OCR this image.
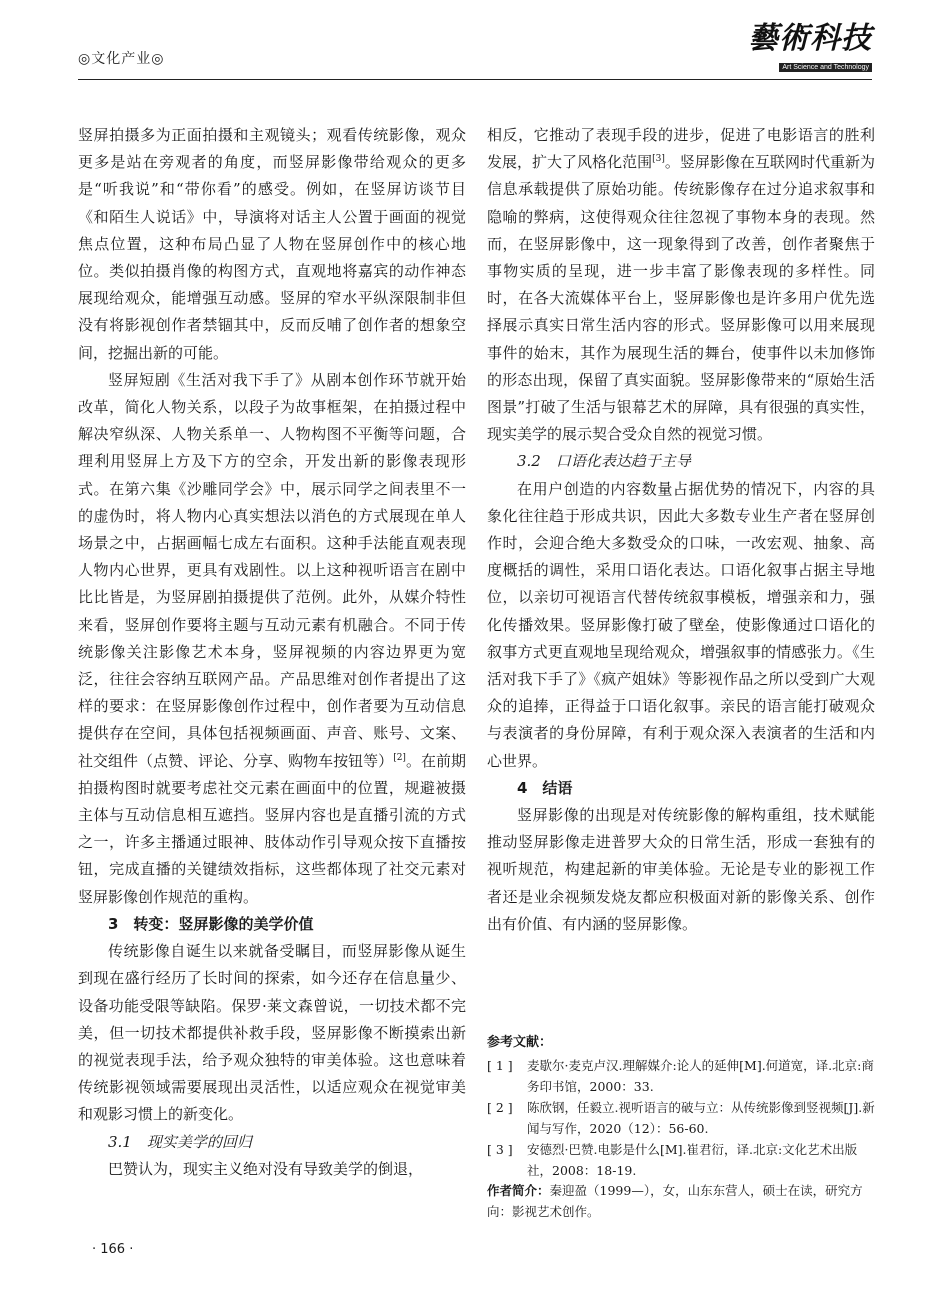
◎文化产业◎
藝術科技
Art Science and Technology

竖屏拍摄多为正面拍摄和主观镜头；观看传统影像，观众更多是站在旁观者的角度，而竖屏影像带给观众的更多是“听我说”和“带你看”的感受。例如，在竖屏访谈节目《和陌生人说话》中，导演将对话主人公置于画面的视觉焦点位置，这种布局凸显了人物在竖屏创作中的核心地位。类似拍摄肖像的构图方式，直观地将嘉宾的动作神态展现给观众，能增强互动感。竖屏的窄水平纵深限制非但没有将影视创作者禁锢其中，反而反哺了创作者的想象空间，挖掘出新的可能。

竖屏短剧《生活对我下手了》从剧本创作环节就开始改革，简化人物关系，以段子为故事框架，在拍摄过程中解决窄纵深、人物关系单一、人物构图不平衡等问题，合理利用竖屏上方及下方的空余，开发出新的影像表现形式。在第六集《沙雕同学会》中，展示同学之间表里不一的虚伪时，将人物内心真实想法以消色的方式展现在单人场景之中，占据画幅七成左右面积。这种手法能直观表现人物内心世界，更具有戏剧性。以上这种视听语言在剧中比比皆是，为竖屏剧拍摄提供了范例。此外，从媒介特性来看，竖屏创作要将主题与互动元素有机融合。不同于传统影像关注影像艺术本身，竖屏视频的内容边界更为宽泛，往往会容纳互联网产品。产品思维对创作者提出了这样的要求：在竖屏影像创作过程中，创作者要为互动信息提供存在空间，具体包括视频画面、声音、账号、文案、社交组件（点赞、评论、分享、购物车按钮等）[2]。在前期拍摄构图时就要考虑社交元素在画面中的位置，规避被摄主体与互动信息相互遮挡。竖屏内容也是直播引流的方式之一，许多主播通过眼神、肢体动作引导观众按下直播按钮，完成直播的关键绩效指标，这些都体现了社交元素对竖屏影像创作规范的重构。

3　转变：竖屏影像的美学价值

传统影像自诞生以来就备受瞩目，而竖屏影像从诞生到现在盛行经历了长时间的探索，如今还存在信息量少、设备功能受限等缺陷。保罗·莱文森曾说，一切技术都不完美，但一切技术都提供补救手段，竖屏影像不断摸索出新的视觉表现手法，给予观众独特的审美体验。这也意味着传统影视领域需要展现出灵活性，以适应观众在视觉审美和观影习惯上的新变化。

3.1　现实美学的回归

巴赞认为，现实主义绝对没有导致美学的倒退，

相反，它推动了表现手段的进步，促进了电影语言的胜利发展，扩大了风格化范围[3]。竖屏影像在互联网时代重新为信息承载提供了原始功能。传统影像存在过分追求叙事和隐喻的弊病，这使得观众往往忽视了事物本身的表现。然而，在竖屏影像中，这一现象得到了改善，创作者聚焦于事物实质的呈现，进一步丰富了影像表现的多样性。同时，在各大流媒体平台上，竖屏影像也是许多用户优先选择展示真实日常生活内容的形式。竖屏影像可以用来展现事件的始末，其作为展现生活的舞台，使事件以未加修饰的形态出现，保留了真实面貌。竖屏影像带来的“原始生活图景”打破了生活与银幕艺术的屏障，具有很强的真实性，现实美学的展示契合受众自然的视觉习惯。

3.2　口语化表达趋于主导

在用户创造的内容数量占据优势的情况下，内容的具象化往往趋于形成共识，因此大多数专业生产者在竖屏创作时，会迎合绝大多数受众的口味，一改宏观、抽象、高度概括的调性，采用口语化表达。口语化叙事占据主导地位，以亲切可视语言代替传统叙事模板，增强亲和力，强化传播效果。竖屏影像打破了壁垒，使影像通过口语化的叙事方式更直观地呈现给观众，增强叙事的情感张力。《生活对我下手了》《疯产姐妹》等影视作品之所以受到广大观众的追捧，正得益于口语化叙事。亲民的语言能打破观众与表演者的身份屏障，有利于观众深入表演者的生活和内心世界。

4　结语

竖屏影像的出现是对传统影像的解构重组，技术赋能推动竖屏影像走进普罗大众的日常生活，形成一套独有的视听规范，构建起新的审美体验。无论是专业的影视工作者还是业余视频发烧友都应积极面对新的影像关系、创作出有价值、有内涵的竖屏影像。

参考文献：
[ 1 ]	麦歇尔·麦克卢汉.理解媒介:论人的延伸[M].何道宽，译.北京:商务印书馆，2000：33.
[ 2 ]	陈欣钢，任毅立.视听语言的破与立：从传统影像到竖视频[J].新闻与写作，2020（12）：56-60.
[ 3 ]	安德烈·巴赞.电影是什么[M].崔君衍，译.北京:文化艺术出版社，2008：18-19.
作者简介：秦迎盈（1999—），女，山东东营人，硕士在读，研究方向：影视艺术创作。
· 166 ·
